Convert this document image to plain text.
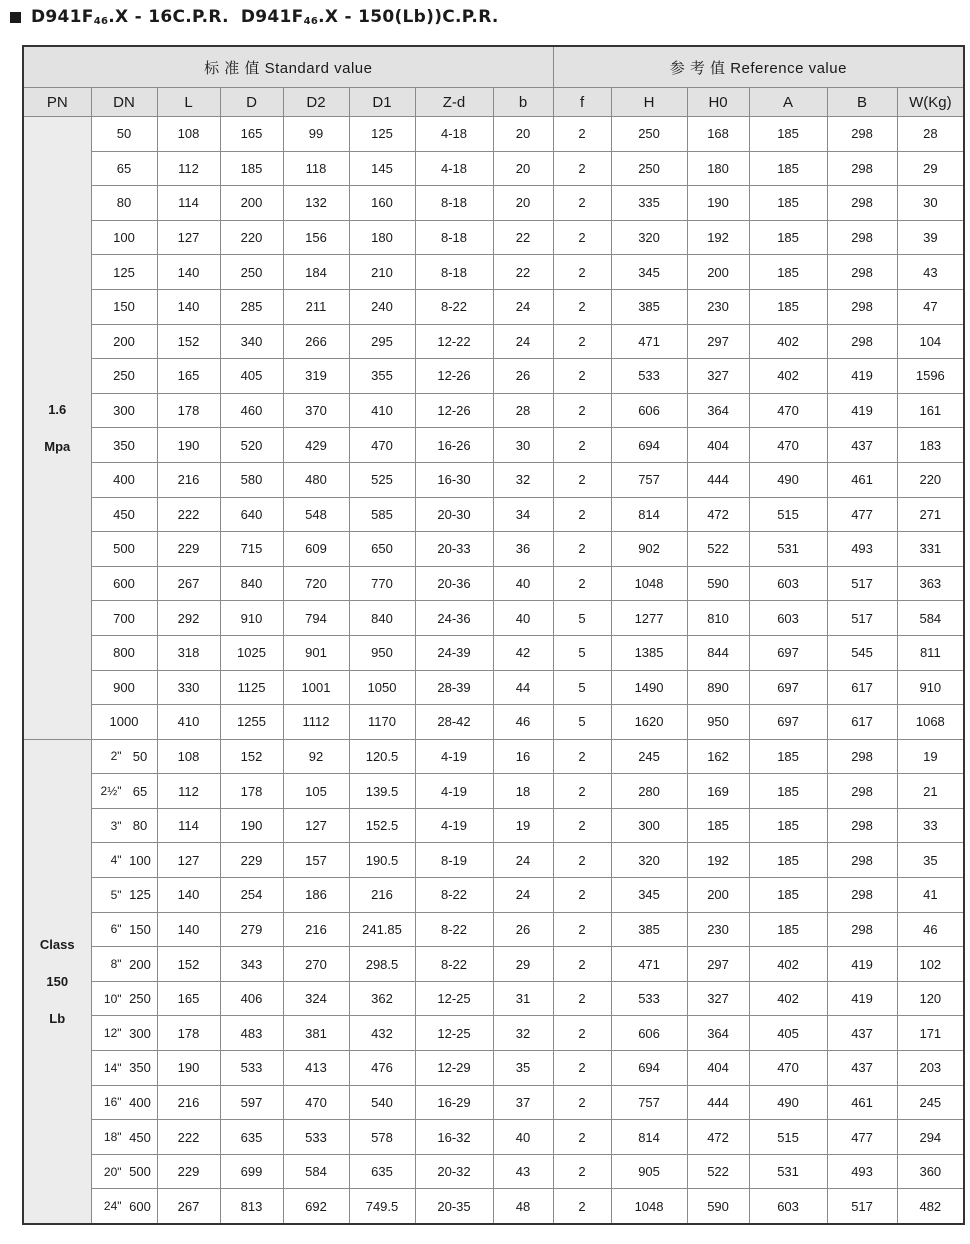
$D941F_{46}.X - 16C.P.R$. $D941F_{46}.X - 150(Lb))C.P.R$.
标 准 值 Standard value								参 考 值 Reference value					
PN	DN	L	D	D2	D1	Z-d	b	f	H	H0	A	B	W(Kg)

1.6
Mpa	50	108	165	99	125	4-18	20	2	250	168	185	298	28
	65	112	185	118	145	4-18	20	2	250	180	185	298	29
	80	114	200	132	160	8-18	20	2	335	190	185	298	30
	100	127	220	156	180	8-18	22	2	320	192	185	298	39
	125	140	250	184	210	8-18	22	2	345	200	185	298	43
	150	140	285	211	240	8-22	24	2	385	230	185	298	47
	200	152	340	266	295	12-22	24	2	471	297	402	298	104
	250	165	405	319	355	12-26	26	2	533	327	402	419	1596
	300	178	460	370	410	12-26	28	2	606	364	470	419	161
	350	190	520	429	470	16-26	30	2	694	404	470	437	183
	400	216	580	480	525	16-30	32	2	757	444	490	461	220
	450	222	640	548	585	20-30	34	2	814	472	515	477	271
	500	229	715	609	650	20-33	36	2	902	522	531	493	331
	600	267	840	720	770	20-36	40	2	1048	590	603	517	363
	700	292	910	794	840	24-36	40	5	1277	810	603	517	584
	800	318	1025	901	950	24-39	42	5	1385	844	697	545	811
	900	330	1125	1001	1050	28-39	44	5	1490	890	697	617	910
	1000	410	1255	1112	1170	28-42	46	5	1620	950	697	617	1068

Class
150
Lb	2" 50	108	152	92	120.5	4-19	16	2	245	162	185	298	19

	2½" 65	112	178	105	139.5	4-19	18	2	280	169	185	298	21

	3" 80	114	190	127	152.5	4-19	19	2	300	185	185	298	33

	4" 100	127	229	157	190.5	8-19	24	2	320	192	185	298	35

	5" 125	140	254	186	216	8-22	24	2	345	200	185	298	41

	6" 150	140	279	216	241.85	8-22	26	2	385	230	185	298	46

	8" 200	152	343	270	298.5	8-22	29	2	471	297	402	419	102

	10" 250	165	406	324	362	12-25	31	2	533	327	402	419	120

	12" 300	178	483	381	432	12-25	32	2	606	364	405	437	171

	14" 350	190	533	413	476	12-29	35	2	694	404	470	437	203

	16" 400	216	597	470	540	16-29	37	2	757	444	490	461	245

	18" 450	222	635	533	578	16-32	40	2	814	472	515	477	294

	20" 500	229	699	584	635	20-32	43	2	905	522	531	493	360

	24" 600	267	813	692	749.5	20-35	48	2	1048	590	603	517	482
